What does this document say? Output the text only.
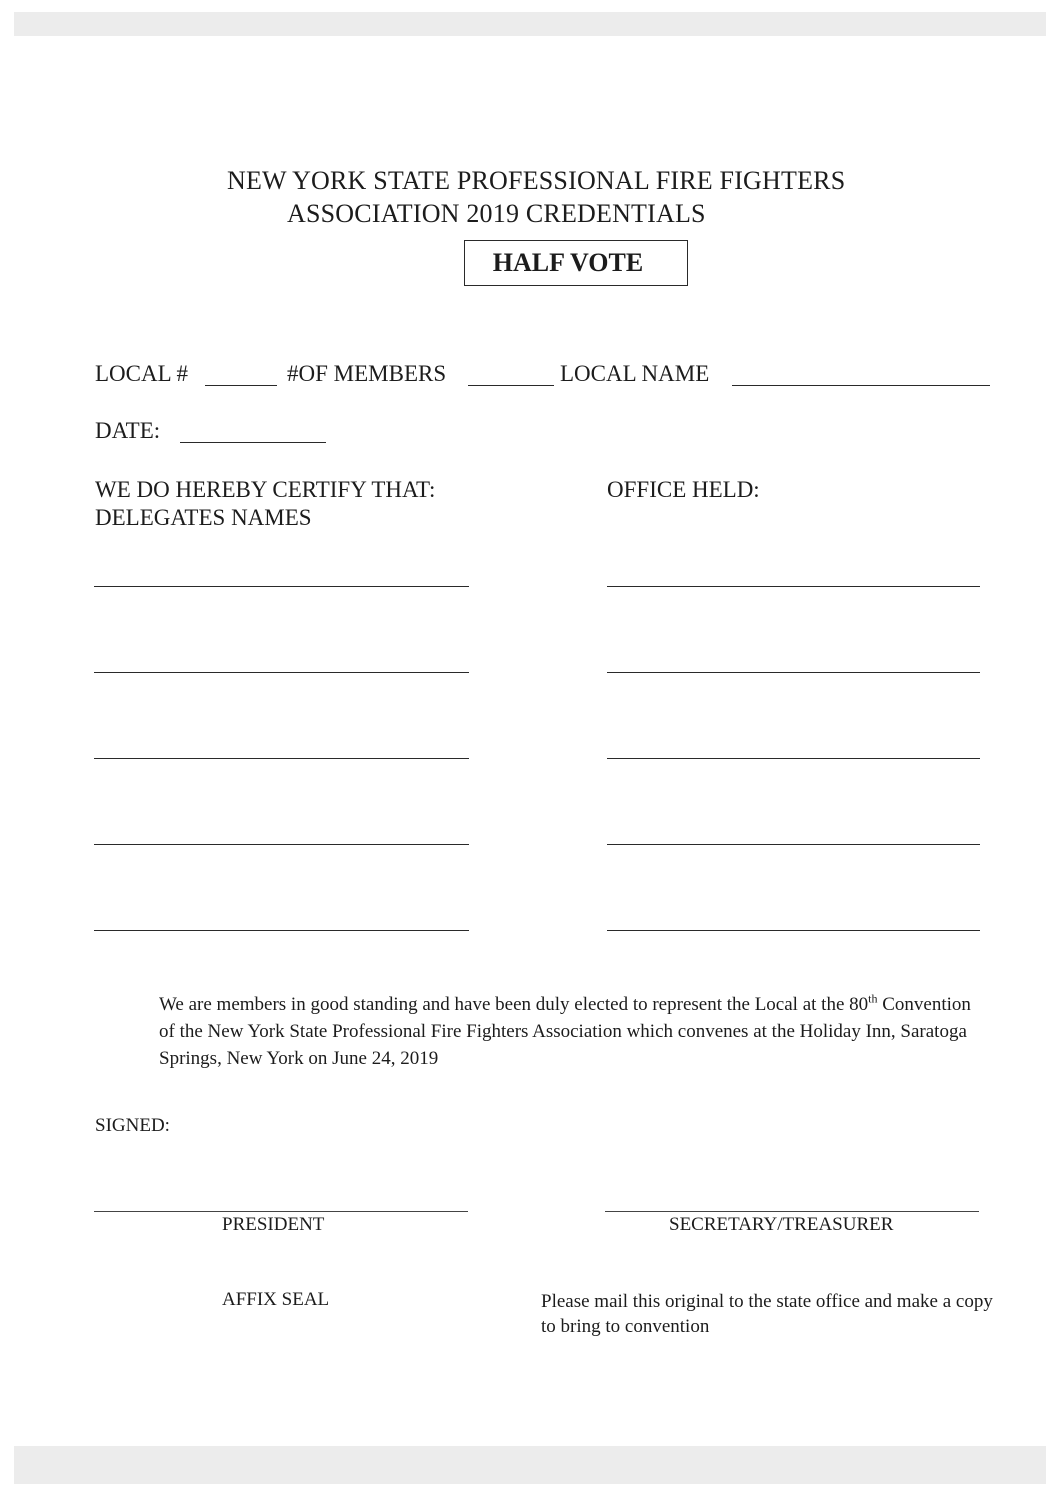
NEW YORK STATE PROFESSIONAL FIRE FIGHTERS
ASSOCIATION 2019 CREDENTIALS
HALF VOTE
LOCAL #	#OF MEMBERS	LOCAL NAME
DATE:
WE DO HEREBY CERTIFY THAT:
DELEGATES NAMES
OFFICE HELD:
We are members in good standing and have been duly elected to represent the Local at the 80th Convention of the New York State Professional Fire Fighters Association which convenes at the Holiday Inn, Saratoga Springs, New York on June 24, 2019
SIGNED:
PRESIDENT	SECRETARY/TREASURER
AFFIX SEAL	Please mail this original to the state office and make a copy to bring to convention
